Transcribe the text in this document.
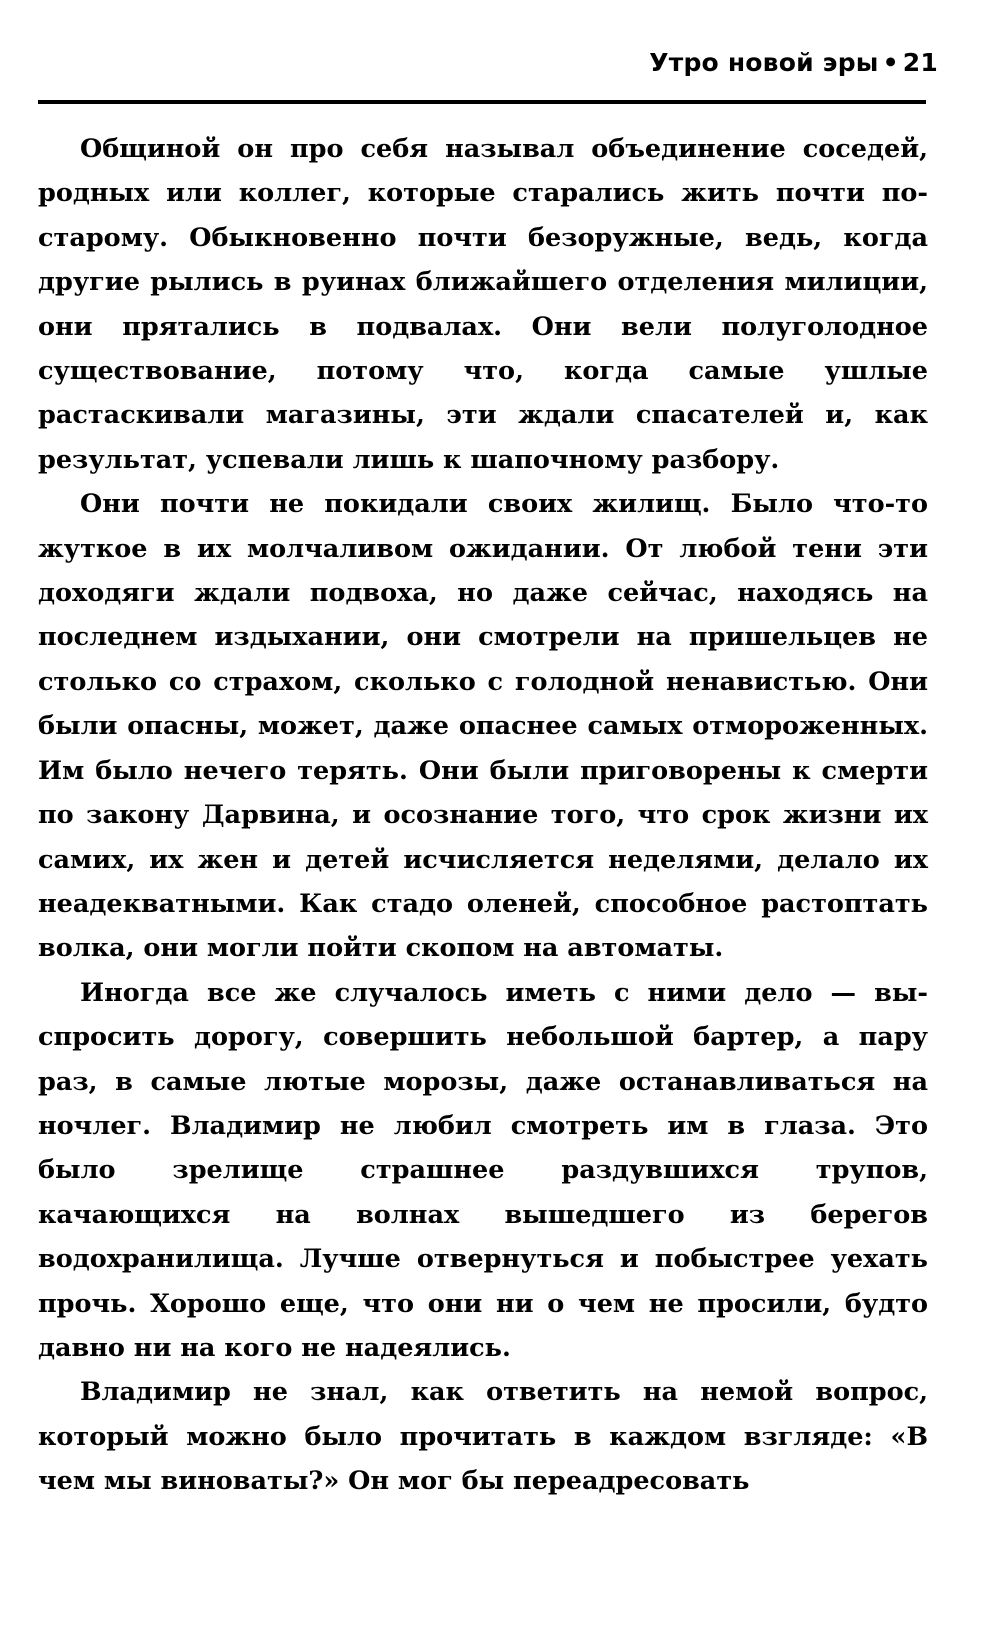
Утро новой эры • 21

Общиной он про себя называл объединение соседей, родных или коллег, которые старались жить почти по-старому. Обыкновенно почти безоружные, ведь, когда другие рылись в руинах ближайшего отделения милиции, они прятались в подвалах. Они вели полуголодное существование, потому что, когда самые ушлые растаскивали магазины, эти ждали спасателей и, как результат, успевали лишь к шапочному разбору.

Они почти не покидали своих жилищ. Было что-то жуткое в их молчаливом ожидании. От любой тени эти доходяги ждали подвоха, но даже сейчас, находясь на последнем издыхании, они смотрели на пришельцев не столько со страхом, сколько с голодной ненавистью. Они были опасны, может, даже опаснее самых отмороженных. Им было нечего терять. Они были приговорены к смерти по закону Дарвина, и осознание того, что срок жизни их самих, их жен и детей исчисляется неделями, делало их неадекватными. Как стадо оленей, способное растоптать волка, они могли пойти скопом на автоматы.

Иногда все же случалось иметь с ними дело — выспросить дорогу, совершить небольшой бартер, а пару раз, в самые лютые морозы, даже останавливаться на ночлег. Владимир не любил смотреть им в глаза. Это было зрелище страшнее раздувшихся трупов, качающихся на волнах вышедшего из берегов водохранилища. Лучше отвернуться и побыстрее уехать прочь. Хорошо еще, что они ни о чем не просили, будто давно ни на кого не надеялись.

Владимир не знал, как ответить на немой вопрос, который можно было прочитать в каждом взгляде: «В чем мы виноваты?» Он мог бы переадресовать
